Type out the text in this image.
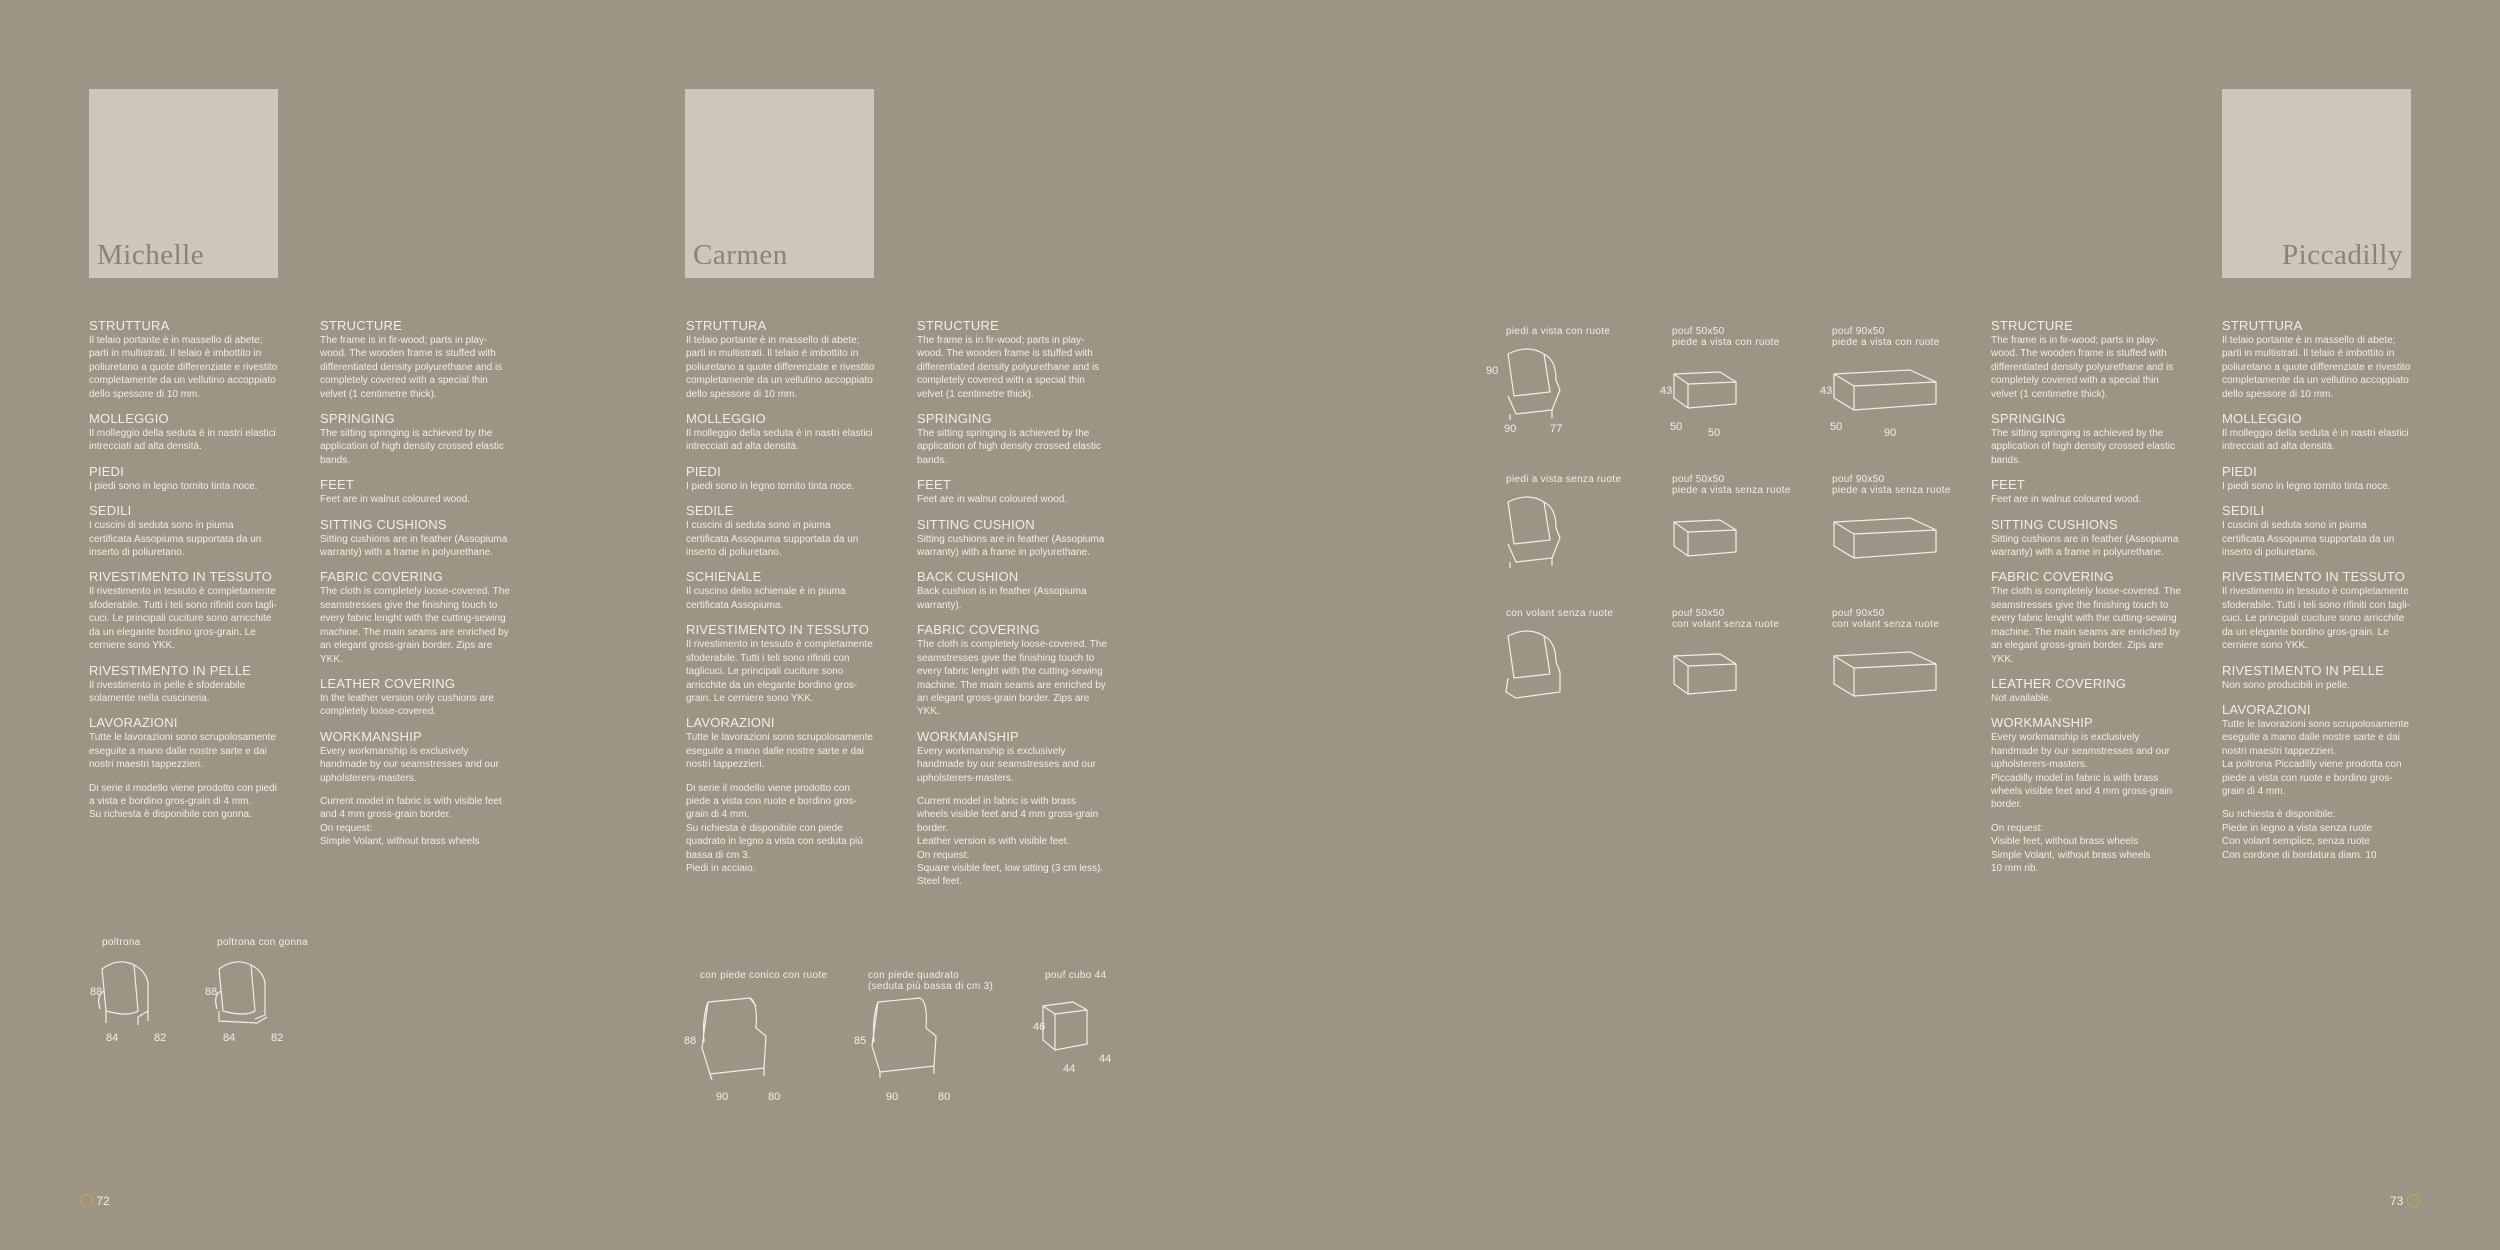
Michelle	Carmen	Piccadilly
STRUTTURA

Il telaio portante è in massello di abete; parti in multistrati. Il telaio è imbottito in poliuretano a quote differenziate e rivestito completamente da un vellutino accoppiato dello spessore di 10 mm.

MOLLEGGIO

Il molleggio della seduta è in nastri elastici intrecciati ad alta densità.

PIEDI

I piedi sono in legno tornito tinta noce.

SEDILI

I cuscini di seduta sono in piuma certificata Assopiuma supportata da un inserto di poliuretano.

RIVESTIMENTO IN TESSUTO

Il rivestimento in tessuto è completamente sfoderabile. Tutti i teli sono rifiniti con tagli-cuci. Le principali cuciture sono arricchite da un elegante bordino gros-grain. Le cerniere sono YKK.

RIVESTIMENTO IN PELLE

Il rivestimento in pelle è sfoderabile solamente nella cuscineria.

LAVORAZIONI

Tutte le lavorazioni sono scrupolosamente eseguite a mano dalle nostre sarte e dai nostri maestri tappezzieri.

Di serie il modello viene prodotto con piedi a vista e bordino gros-grain di 4 mm.
Su richiesta è disponibile con gonna.
STRUCTURE

The frame is in fir-wood; parts in play-wood. The wooden frame is stuffed with differentiated density polyurethane and is completely covered with a special thin velvet (1 centimetre thick).

SPRINGING

The sitting springing is achieved by the application of high density crossed elastic bands.

FEET

Feet are in walnut coloured wood.

SITTING CUSHIONS

Sitting cushions are in feather (Assopiuma warranty) with a frame in polyurethane.

FABRIC COVERING

The cloth is completely loose-covered. The seamstresses give the finishing touch to every fabric lenght with the cutting-sewing machine. The main seams are enriched by an elegant gross-grain border. Zips are YKK.

LEATHER COVERING

In the leather version only cushions are completely loose-covered.

WORKMANSHIP

Every workmanship is exclusively handmade by our seamstresses and our upholsterers-masters.

Current model in fabric is with visible feet and 4 mm gross-grain border.
On request:
Simple Volant, without brass wheels
STRUTTURA

Il telaio portante è in massello di abete; parti in multistrati. Il telaio è imbottito in poliuretano a quote differenziate e rivestito completamente da un vellutino accoppiato dello spessore di 10 mm.

MOLLEGGIO

Il molleggio della seduta è in nastri elastici intrecciati ad alta densità.

PIEDI

I piedi sono in legno tornito tinta noce.

SEDILE

I cuscini di seduta sono in piuma certificata Assopiuma supportata da un inserto di poliuretano.

SCHIENALE

Il cuscino dello schienale è in piuma certificata Assopiuma.

RIVESTIMENTO IN TESSUTO

Il rivestimento in tessuto è completamente sfoderabile. Tutti i teli sono rifiniti con taglicuci. Le principali cuciture sono arricchite da un elegante bordino gros-grain. Le cerniere sono YKK.

LAVORAZIONI

Tutte le lavorazioni sono scrupolosamente eseguite a mano dalle nostre sarte e dai nostri tappezzieri.

Di serie il modello viene prodotto con piede a vista con ruote e bordino gros- grain di 4 mm.
Su richiesta è disponibile con piede quadrato in legno a vista con seduta più bassa di cm 3.
Piedi in acciaio.
STRUCTURE

The frame is in fir-wood; parts in play-wood. The wooden frame is stuffed with differentiated density polyurethane and is completely covered with a special thin velvet (1 centimetre thick).

SPRINGING

The sitting springing is achieved by the application of high density crossed elastic bands.

FEET

Feet are in walnut coloured wood.

SITTING CUSHION

Sitting cushions are in feather (Assopiuma warranty) with a frame in polyurethane.

BACK CUSHION

Back cushion is in feather (Assopiuma warranty).

FABRIC COVERING

The cloth is completely loose-covered. The seamstresses give the finishing touch to every fabric lenght with the cutting-sewing machine. The main seams are enriched by an elegant gross-grain border. Zips are YKK.

WORKMANSHIP

Every workmanship is exclusively handmade by our seamstresses and our upholsterers-masters.

Current model in fabric is with brass wheels visible feet and 4 mm gross-grain border.
Leather version is with visible feet.
On request:
Square visible feet, low sitting (3 cm less).
Steel feet.
STRUCTURE

The frame is in fir-wood; parts in play-wood. The wooden frame is stuffed with differentiated density polyurethane and is completely covered with a special thin velvet (1 centimetre thick).

SPRINGING

The sitting springing is achieved by the application of high density crossed elastic bands.

FEET

Feet are in walnut coloured wood.

SITTING CUSHIONS

Sitting cushions are in feather (Assopiuma warranty) with a frame in polyurethane.

FABRIC COVERING

The cloth is completely loose-covered. The seamstresses give the finishing touch to every fabric lenght with the cutting-sewing machine. The main seams are enriched by an elegant gross-grain border. Zips are YKK.

LEATHER COVERING

Not available.

WORKMANSHIP

Every workmanship is exclusively handmade by our seamstresses and our upholsterers-masters.
Piccadilly model in fabric is with brass wheels visible feet and 4 mm gross-grain border.

On request:
Visible feet, without brass wheels
Simple Volant, without brass wheels
10 mm rib.
STRUTTURA

Il telaio portante è in massello di abete; parti in multistrati. Il telaio è imbottito in poliuretano a quote differenziate e rivestito completamente da un vellutino accoppiato dello spessore di 10 mm.

MOLLEGGIO

Il molleggio della seduta è in nastri elastici intrecciati ad alta densità.

PIEDI

I piedi sono in legno tornito tinta noce.

SEDILI

I cuscini di seduta sono in piuma certificata Assopiuma supportata da un inserto di poliuretano.

RIVESTIMENTO IN TESSUTO

Il rivestimento in tessuto è completamente sfoderabile. Tutti i teli sono rifiniti con tagli-cuci. Le principali cuciture sono arricchite da un elegante bordino gros-grain. Le cerniere sono YKK.

RIVESTIMENTO IN PELLE

Non sono producibili in pelle.

LAVORAZIONI

Tutte le lavorazioni sono scrupolosamente eseguite a mano dalle nostre sarte e dai nostri maestri tappezzieri.
La poltrona Piccadilly viene prodotta con piede a vista con ruote e bordino gros- grain di 4 mm.

Su richiesta è disponibile:
Piede in legno a vista senza ruote
Con volant semplice, senza ruote
Con cordone di bordatura diam. 10
poltrona
88
84	82
poltrona con gonna
88
84	82
con piede conico con ruote
88
90	80
con piede quadrato
(seduta più bassa di cm 3)
85
90	80
pouf cubo 44
46
44
44
piedi a vista con ruote
90
90	77
pouf 50x50
piede a vista con ruote
43
50 50
pouf 90x50
piede a vista con ruote
43
50	90
piedi a vista senza ruote	pouf 50x50
piede a vista senza ruote
pouf 90x50
piede a vista senza ruote
con volant senza ruote	pouf 50x50
con volant senza ruote
pouf 90x50
con volant senza ruote
72	73
